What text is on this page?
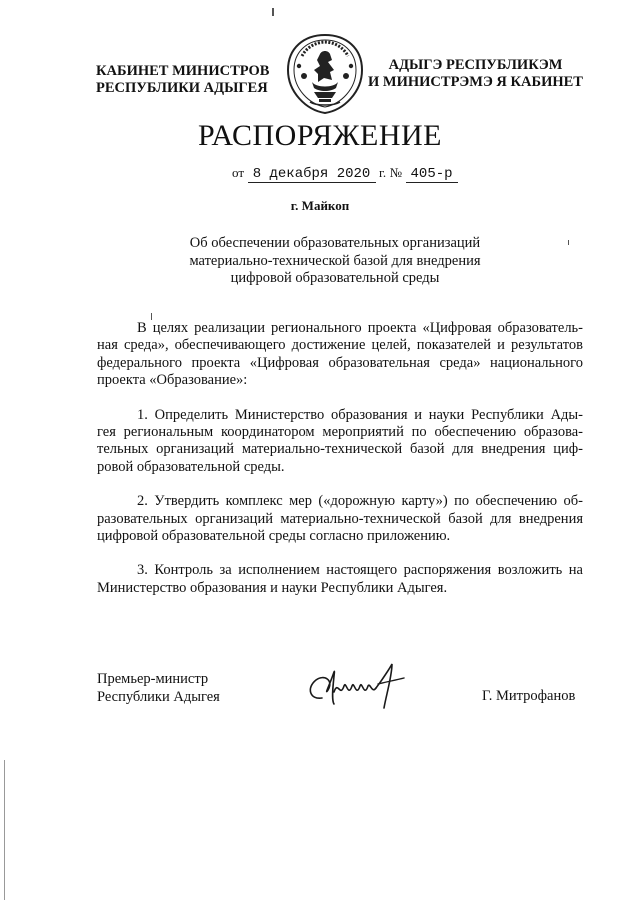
КАБИНЕТ МИНИСТРОВ
РЕСПУБЛИКИ АДЫГЕЯ
АДЫГЭ РЕСПУБЛИКЭМ
И МИНИСТРЭМЭ Я КАБИНЕТ
РАСПОРЯЖЕНИЕ
от 8 декабря 2020 г. № 405-р
г. Майкоп
Об обеспечении образовательных организаций
материально-технической базой для внедрения
цифровой образовательной среды
В целях реализации регионального проекта «Цифровая образователь-
ная среда», обеспечивающего достижение целей, показателей и результатов
федерального проекта «Цифровая образовательная среда» национального
проекта «Образование»:
1. Определить Министерство образования и науки Республики Ады-
гея региональным координатором мероприятий по обеспечению образова-
тельных организаций материально-технической базой для внедрения циф-
ровой образовательной среды.
2. Утвердить комплекс мер («дорожную карту») по обеспечению об-
разовательных организаций материально-технической базой для внедрения
цифровой образовательной среды согласно приложению.
3. Контроль за исполнением настоящего распоряжения возложить на
Министерство образования и науки Республики Адыгея.
Премьер-министр
Республики Адыгея	Г. Митрофанов
